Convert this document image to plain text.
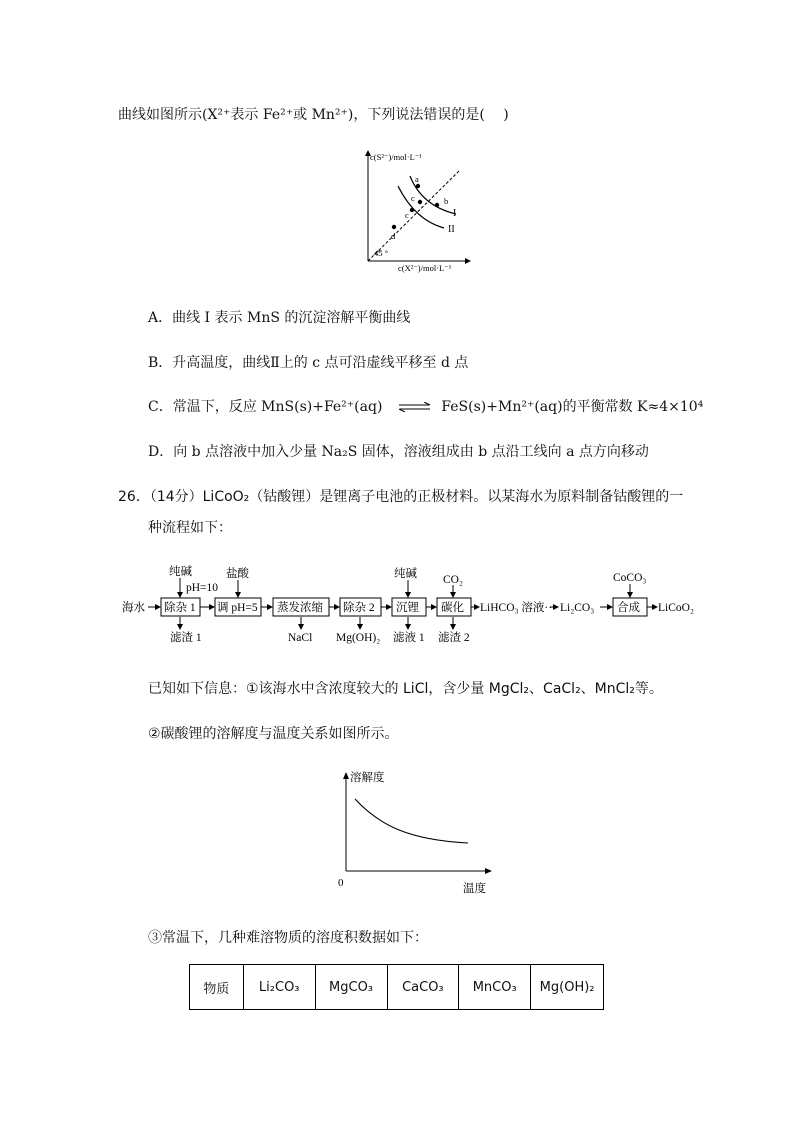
曲线如图所示(X²⁺表示 Fe²⁺或 Mn²⁺)，下列说法错误的是(　 )
c(S²⁻)/mol·L⁻¹
c(X²⁻)/mol·L⁻¹
45 °
I
II
a
b
c
c
d
A．曲线 I 表示 MnS 的沉淀溶解平衡曲线
B．升高温度，曲线Ⅱ上的 c 点可沿虚线平移至 d 点
C．常温下，反应 MnS(s)+Fe²⁺(aq) ⇌ FeS(s)+Mn²⁺(aq)的平衡常数 K≈4×10⁴
D．向 b 点溶液中加入少量 Na₂S 固体，溶液组成由 b 点沿工线向 a 点方向移动
26．（14分）LiCoO₂（钴酸锂）是锂离子电池的正极材料。以某海水为原料制备钴酸锂的一
种流程如下：
海水 除杂 1
纯碱
pH=10
滤渣 1
调 pH=5
盐酸
蒸发浓缩
NaCl
除杂 2
Mg(OH)₂
沉锂
纯碱
滤液 1
碳化
CO₂
滤渣 2
LiHCO₃ 溶液··· Li₂CO₃ 合成
CoCO₃
LiCoO₂
已知如下信息：①该海水中含浓度较大的 LiCl，含少量 MgCl₂、CaCl₂、MnCl₂等。
②碳酸锂的溶解度与温度关系如图所示。
溶解度
0	温度
③常温下，几种难溶物质的溶度积数据如下：
物质	Li₂CO₃	MgCO₃	CaCO₃	MnCO₃	Mg(OH)₂
